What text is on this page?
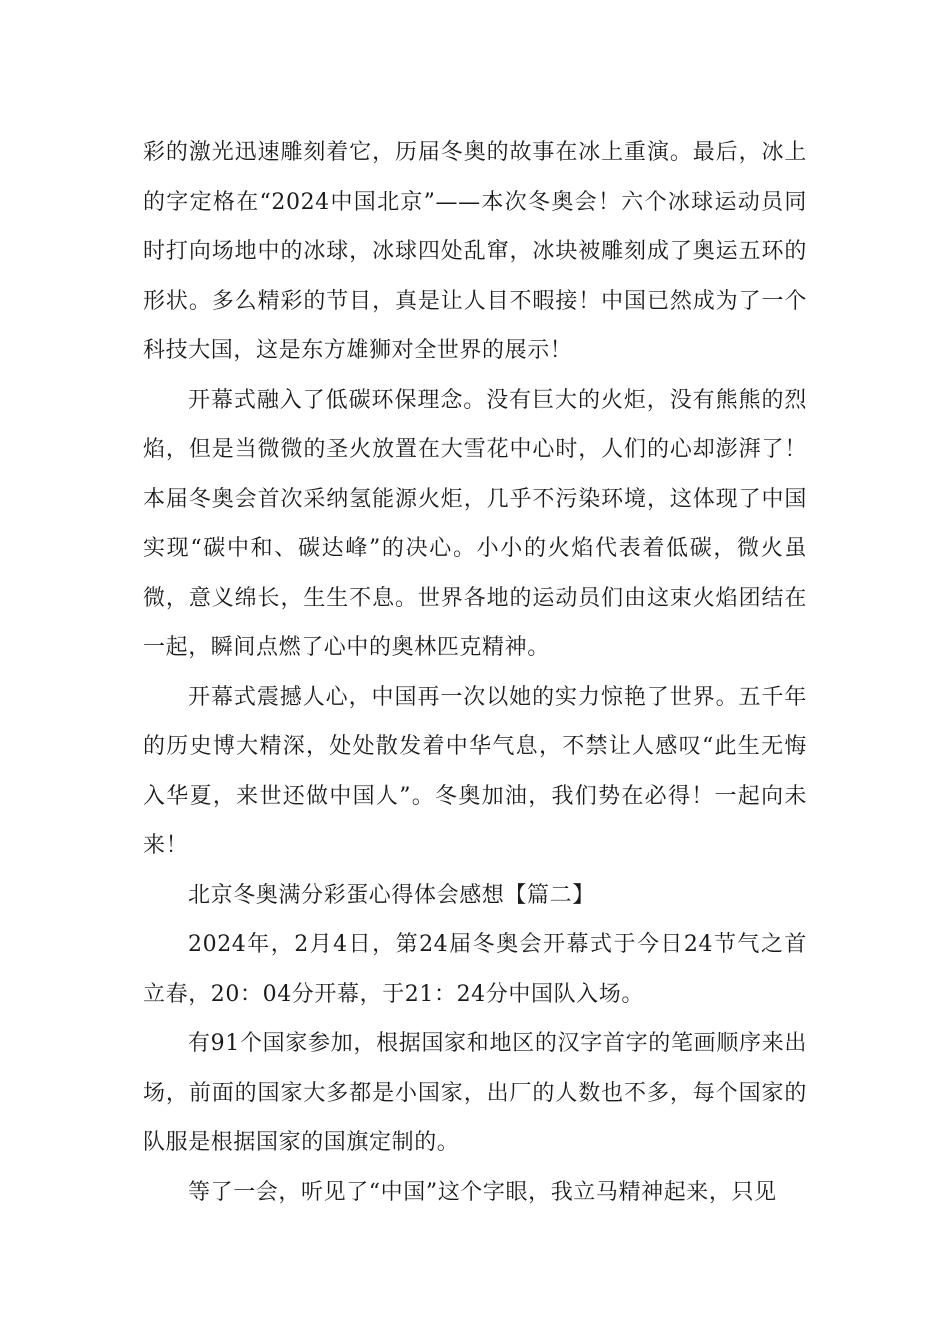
彩的激光迅速雕刻着它，历届冬奥的故事在冰上重演。最后，冰上的字定格在“2024中国北京”——本次冬奥会！六个冰球运动员同时打向场地中的冰球，冰球四处乱窜，冰块被雕刻成了奥运五环的形状。多么精彩的节目，真是让人目不暇接！中国已然成为了一个科技大国，这是东方雄狮对全世界的展示！

开幕式融入了低碳环保理念。没有巨大的火炬，没有熊熊的烈焰，但是当微微的圣火放置在大雪花中心时，人们的心却澎湃了！本届冬奥会首次采纳氢能源火炬，几乎不污染环境，这体现了中国实现“碳中和、碳达峰”的决心。小小的火焰代表着低碳，微火虽微，意义绵长，生生不息。世界各地的运动员们由这束火焰团结在一起，瞬间点燃了心中的奥林匹克精神。

开幕式震撼人心，中国再一次以她的实力惊艳了世界。五千年的历史博大精深，处处散发着中华气息，不禁让人感叹“此生无悔入华夏，来世还做中国人”。冬奥加油，我们势在必得！一起向未来！

北京冬奥满分彩蛋心得体会感想【篇二】

2024年，2月4日，第24届冬奥会开幕式于今日24节气之首立春，20：04分开幕，于21：24分中国队入场。

有91个国家参加，根据国家和地区的汉字首字的笔画顺序来出场，前面的国家大多都是小国家，出厂的人数也不多，每个国家的队服是根据国家的国旗定制的。

等了一会，听见了“中国”这个字眼，我立马精神起来，只见
